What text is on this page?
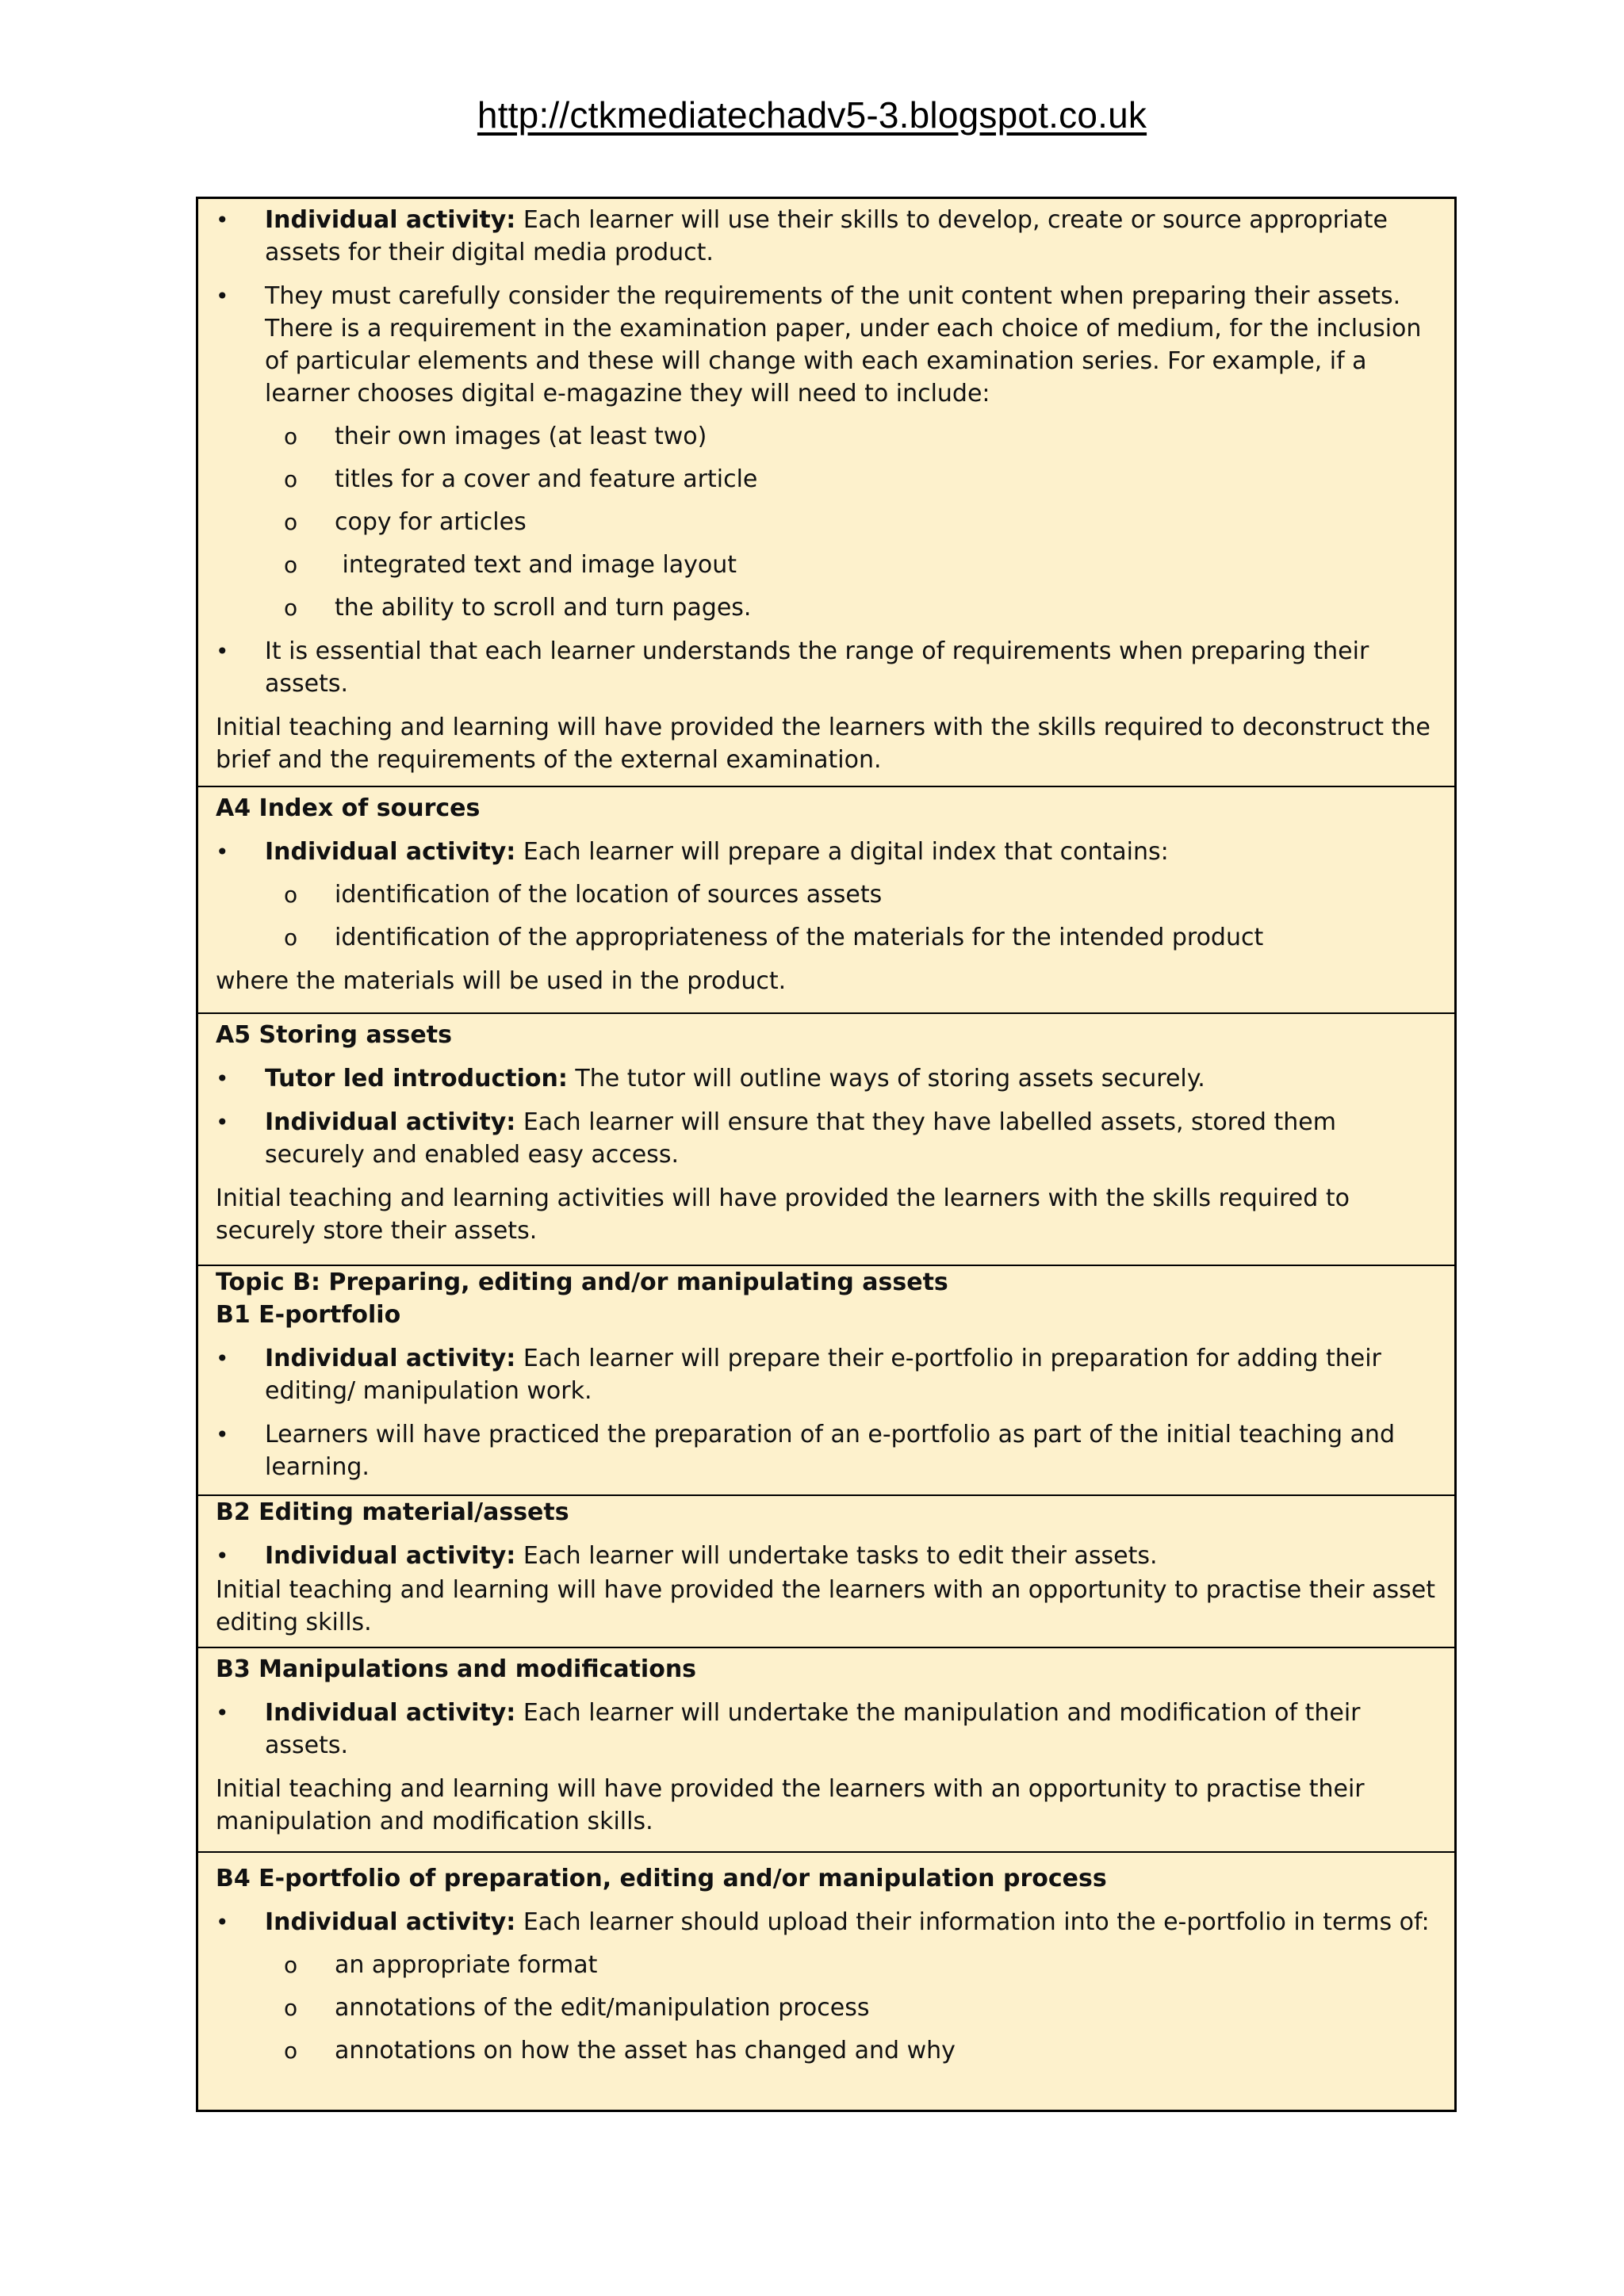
http://ctkmediatechadv5-3.blogspot.co.uk
•	Individual activity: Each learner will use their skills to develop, create or source appropriate assets for their digital media product.
•	They must carefully consider the requirements of the unit content when preparing their assets. There is a requirement in the examination paper, under each choice of medium, for the inclusion of particular elements and these will change with each examination series. For example, if a learner chooses digital e-magazine they will need to include:
o their own images (at least two)
o titles for a cover and feature article
o copy for articles
o integrated text and image layout
o the ability to scroll and turn pages.
•	It is essential that each learner understands the range of requirements when preparing their assets.
Initial teaching and learning will have provided the learners with the skills required to deconstruct the brief and the requirements of the external examination.
A4 Index of sources
•	Individual activity: Each learner will prepare a digital index that contains:
o identification of the location of sources assets
o identification of the appropriateness of the materials for the intended product
where the materials will be used in the product.
A5 Storing assets
•	Tutor led introduction: The tutor will outline ways of storing assets securely.
•	Individual activity: Each learner will ensure that they have labelled assets, stored them securely and enabled easy access.
Initial teaching and learning activities will have provided the learners with the skills required to securely store their assets.
Topic B: Preparing, editing and/or manipulating assets
B1 E-portfolio
•	Individual activity: Each learner will prepare their e-portfolio in preparation for adding their editing/ manipulation work.
•	Learners will have practiced the preparation of an e-portfolio as part of the initial teaching and learning.
B2 Editing material/assets
•	Individual activity: Each learner will undertake tasks to edit their assets.
Initial teaching and learning will have provided the learners with an opportunity to practise their asset editing skills.
B3 Manipulations and modifications
•	Individual activity: Each learner will undertake the manipulation and modification of their assets.
Initial teaching and learning will have provided the learners with an opportunity to practise their manipulation and modification skills.
B4 E-portfolio of preparation, editing and/or manipulation process
•	Individual activity: Each learner should upload their information into the e-portfolio in terms of:
o an appropriate format
o annotations of the edit/manipulation process
o annotations on how the asset has changed and why
